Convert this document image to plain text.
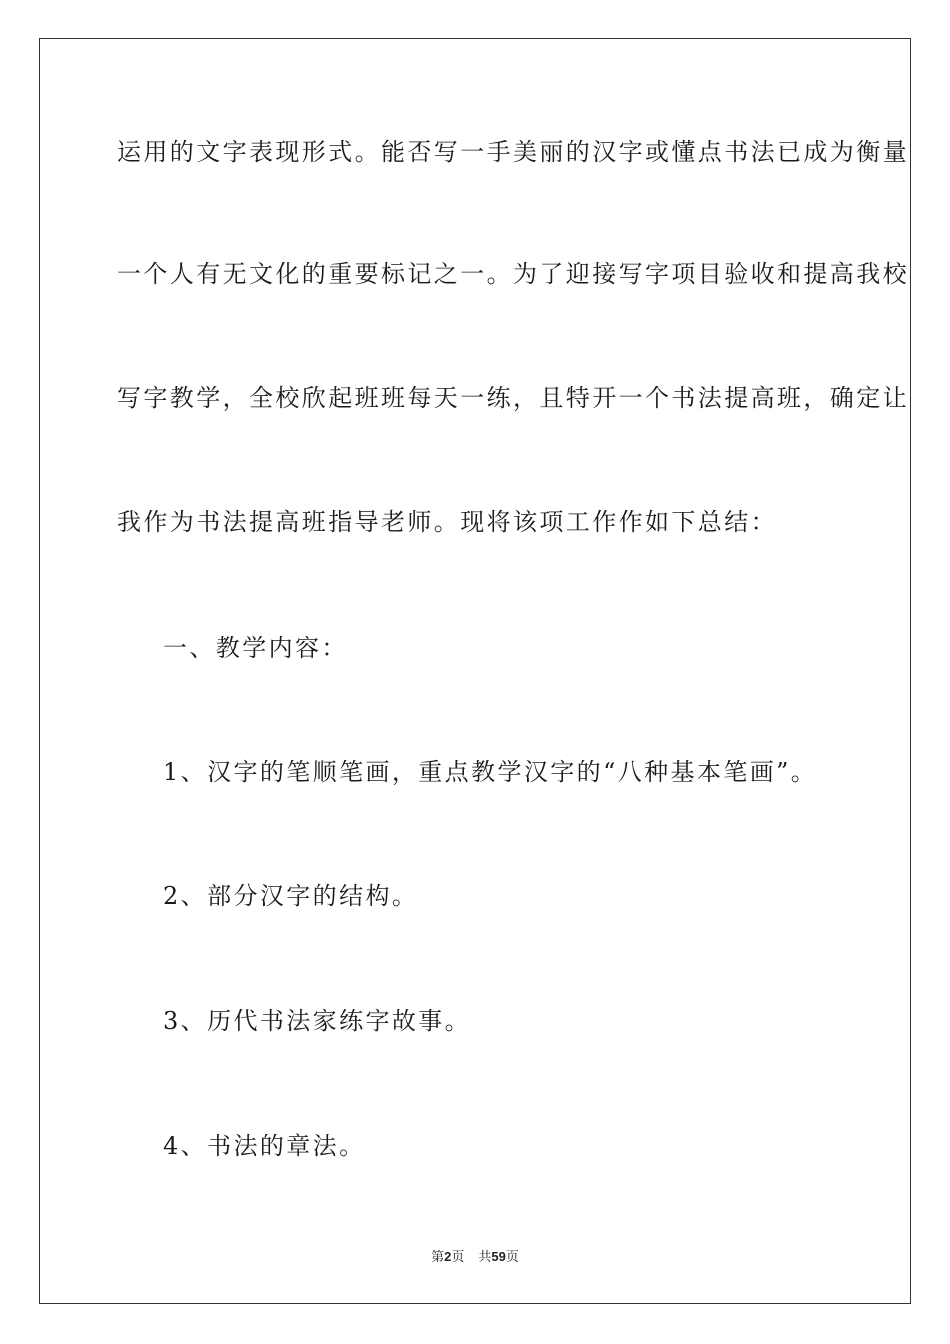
运用的文字表现形式。能否写一手美丽的汉字或懂点书法已成为衡量
一个人有无文化的重要标记之一。为了迎接写字项目验收和提高我校
写字教学，全校欣起班班每天一练，且特开一个书法提高班，确定让
我作为书法提高班指导老师。现将该项工作作如下总结：
一、教学内容：
1、汉字的笔顺笔画，重点教学汉字的“八种基本笔画”。
2、部分汉字的结构。
3、历代书法家练字故事。
4、书法的章法。
第2页 共59页
